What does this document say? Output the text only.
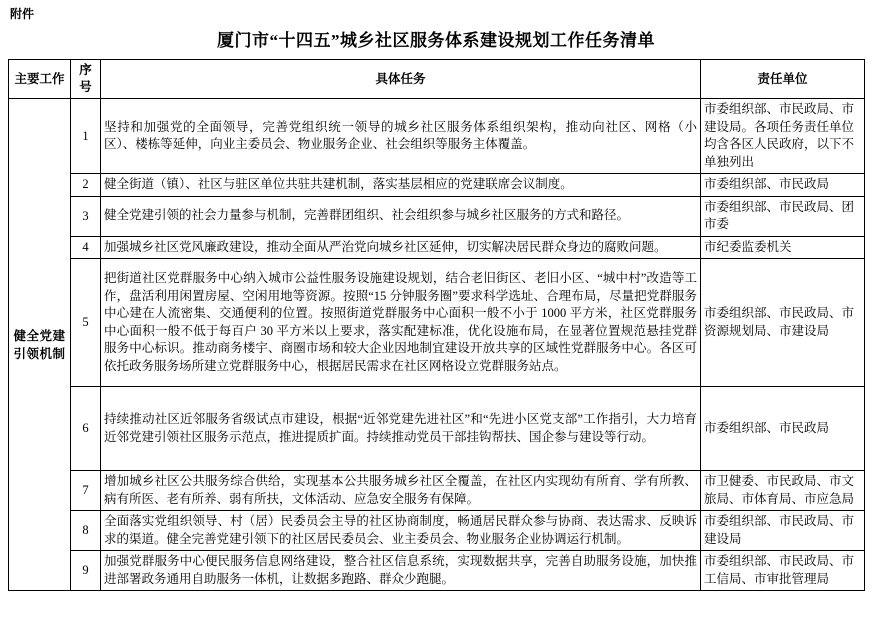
附件
厦门市“十四五”城乡社区服务体系建设规划工作任务清单
主要工作	序号	具体任务	责任单位
健全党建引领机制	1	坚持和加强党的全面领导，完善党组织统一领导的城乡社区服务体系组织架构，推动向社区、网格（小区）、楼栋等延伸，向业主委员会、物业服务企业、社会组织等服务主体覆盖。	市委组织部、市民政局、市建设局。各项任务责任单位均含各区人民政府，以下不单独列出
	2	健全街道（镇）、社区与驻区单位共驻共建机制，落实基层相应的党建联席会议制度。	市委组织部、市民政局
	3	健全党建引领的社会力量参与机制，完善群团组织、社会组织参与城乡社区服务的方式和路径。	市委组织部、市民政局、团市委
	4	加强城乡社区党风廉政建设，推动全面从严治党向城乡社区延伸，切实解决居民群众身边的腐败问题。	市纪委监委机关
	5	把街道社区党群服务中心纳入城市公益性服务设施建设规划，结合老旧街区、老旧小区、“城中村”改造等工作，盘活利用闲置房屋、空闲用地等资源。按照“15 分钟服务圈”要求科学选址、合理布局，尽量把党群服务中心建在人流密集、交通便利的位置。按照街道党群服务中心面积一般不小于 1000 平方米，社区党群服务中心面积一般不低于每百户 30 平方米以上要求，落实配建标准，优化设施布局，在显著位置规范悬挂党群服务中心标识。推动商务楼宇、商圈市场和较大企业因地制宜建设开放共享的区域性党群服务中心。各区可依托政务服务场所建立党群服务中心，根据居民需求在社区网格设立党群服务站点。	市委组织部、市民政局、市资源规划局、市建设局
	6	持续推动社区近邻服务省级试点市建设，根据“近邻党建先进社区”和“先进小区党支部”工作指引，大力培育近邻党建引领社区服务示范点，推进提质扩面。持续推动党员干部挂钩帮扶、国企参与建设等行动。	市委组织部、市民政局
	7	增加城乡社区公共服务综合供给，实现基本公共服务城乡社区全覆盖，在社区内实现幼有所育、学有所教、病有所医、老有所养、弱有所扶，文体活动、应急安全服务有保障。	市卫健委、市民政局、市文旅局、市体育局、市应急局
	8	全面落实党组织领导、村（居）民委员会主导的社区协商制度，畅通居民群众参与协商、表达需求、反映诉求的渠道。健全完善党建引领下的社区居民委员会、业主委员会、物业服务企业协调运行机制。	市委组织部、市民政局、市建设局
	9	加强党群服务中心便民服务信息网络建设，整合社区信息系统，实现数据共享，完善自助服务设施，加快推进部署政务通用自助服务一体机，让数据多跑路、群众少跑腿。	市委组织部、市民政局、市工信局、市审批管理局
